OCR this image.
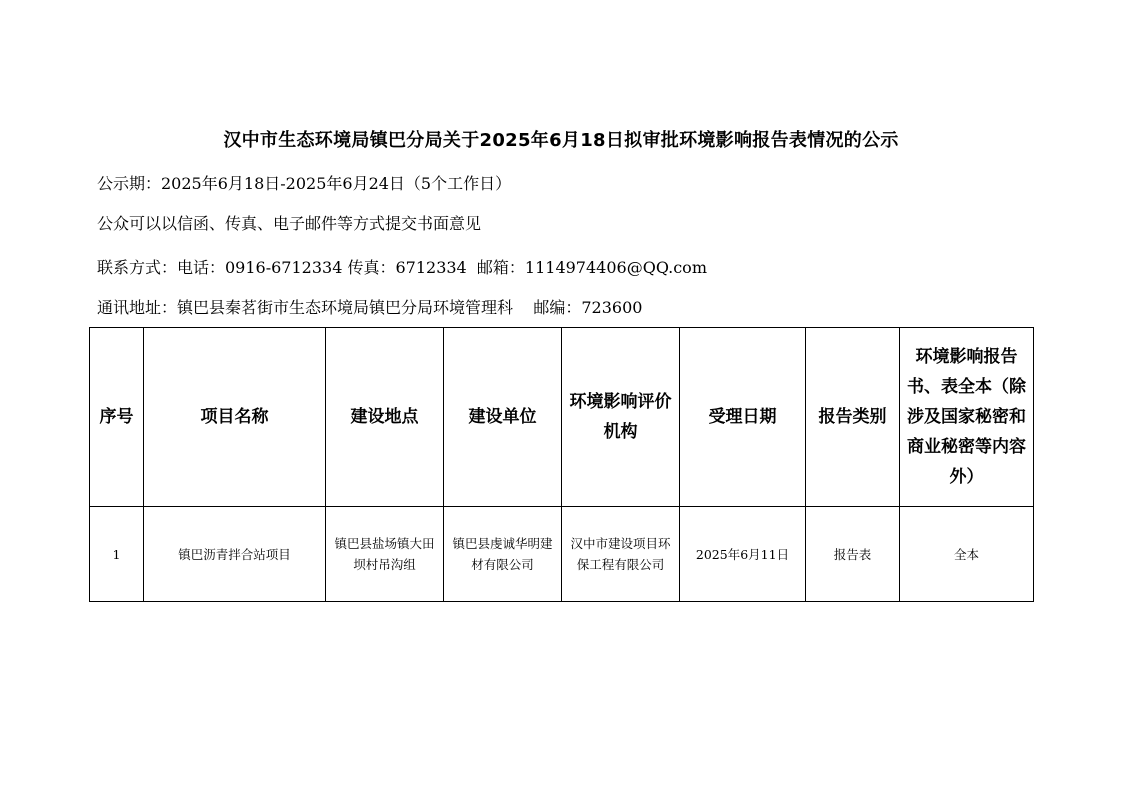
汉中市生态环境局镇巴分局关于2025年6月18日拟审批环境影响报告表情况的公示
公示期：2025年6月18日-2025年6月24日（5个工作日）
公众可以以信函、传真、电子邮件等方式提交书面意见
联系方式：电话：0916-6712334 传真：6712334  邮箱：1114974406@QQ.com
通讯地址：镇巴县秦茗街市生态环境局镇巴分局环境管理科    邮编：723600
序号	项目名称	建设地点	建设单位	环境影响评价机构	受理日期	报告类别	环境影响报告书、表全本（除涉及国家秘密和商业秘密等内容外）
1	镇巴沥青拌合站项目	镇巴县盐场镇大田坝村吊沟组	镇巴县虔诚华明建材有限公司	汉中市建设项目环保工程有限公司	2025年6月11日	报告表	全本
